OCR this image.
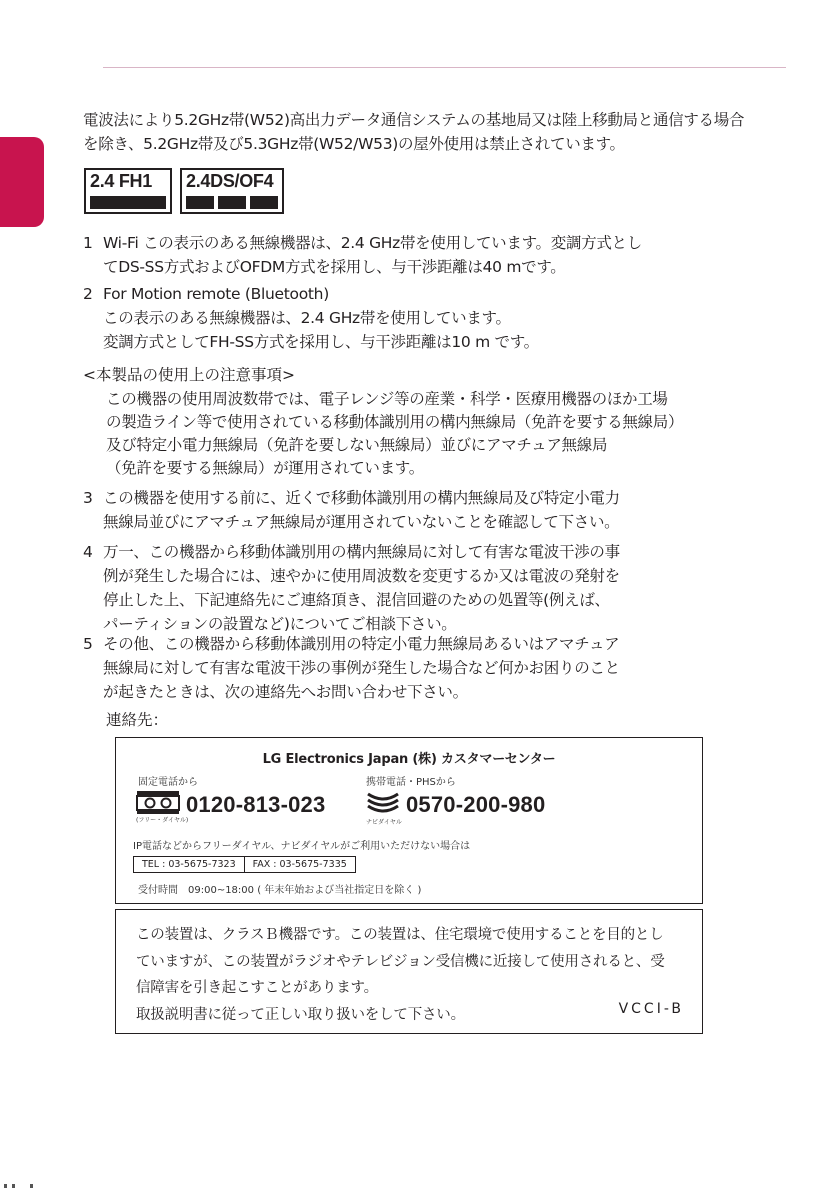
電波法により5.2GHz帯(W52)高出力データ通信システムの基地局又は陸上移動局と通信する場合
を除き、5.2GHz帯及び5.3GHz帯(W52/W53)の屋外使用は禁止されています。
2.4 FH1 2.4DS/OF4
1 Wi-Fi この表示のある無線機器は、2.4 GHz帯を使用しています。変調方式とし
てDS-SS方式およびOFDM方式を採用し、与干渉距離は40 mです。
2 For Motion remote (Bluetooth)
この表示のある無線機器は、2.4 GHz帯を使用しています。
変調方式としてFH-SS方式を採用し、与干渉距離は10 m です。
<本製品の使用上の注意事項>
この機器の使用周波数帯では、電子レンジ等の産業・科学・医療用機器のほか工場
の製造ライン等で使用されている移動体識別用の構内無線局（免許を要する無線局）
及び特定小電力無線局（免許を要しない無線局）並びにアマチュア無線局
（免許を要する無線局）が運用されています。
3 この機器を使用する前に、近くで移動体識別用の構内無線局及び特定小電力
無線局並びにアマチュア無線局が運用されていないことを確認して下さい。
4 万一、この機器から移動体識別用の構内無線局に対して有害な電波干渉の事
例が発生した場合には、速やかに使用周波数を変更するか又は電波の発射を
停止した上、下記連絡先にご連絡頂き、混信回避のための処置等(例えば、
パーティションの設置など)についてご相談下さい。
5 その他、この機器から移動体識別用の特定小電力無線局あるいはアマチュア
無線局に対して有害な電波干渉の事例が発生した場合など何かお困りのこと
が起きたときは、次の連絡先へお問い合わせ下さい。
連絡先：
LG Electronics Japan (株) カスタマーセンター
固定電話から
(フリー・ダイヤル)
0120-813-023
携帯電話・PHSから
ナビダイヤル
0570-200-980
IP電話などからフリーダイヤル、ナビダイヤルがご利用いただけない場合は
TEL : 03-5675-7323	FAX : 03-5675-7335
受付時間　09:00~18:00 ( 年末年始および当社指定日を除く )
この装置は、クラスＢ機器です。この装置は、住宅環境で使用することを目的とし
ていますが、この装置がラジオやテレビジョン受信機に近接して使用されると、受
信障害を引き起こすことがあります。
取扱説明書に従って正しい取り扱いをして下さい。	VCCI-B
